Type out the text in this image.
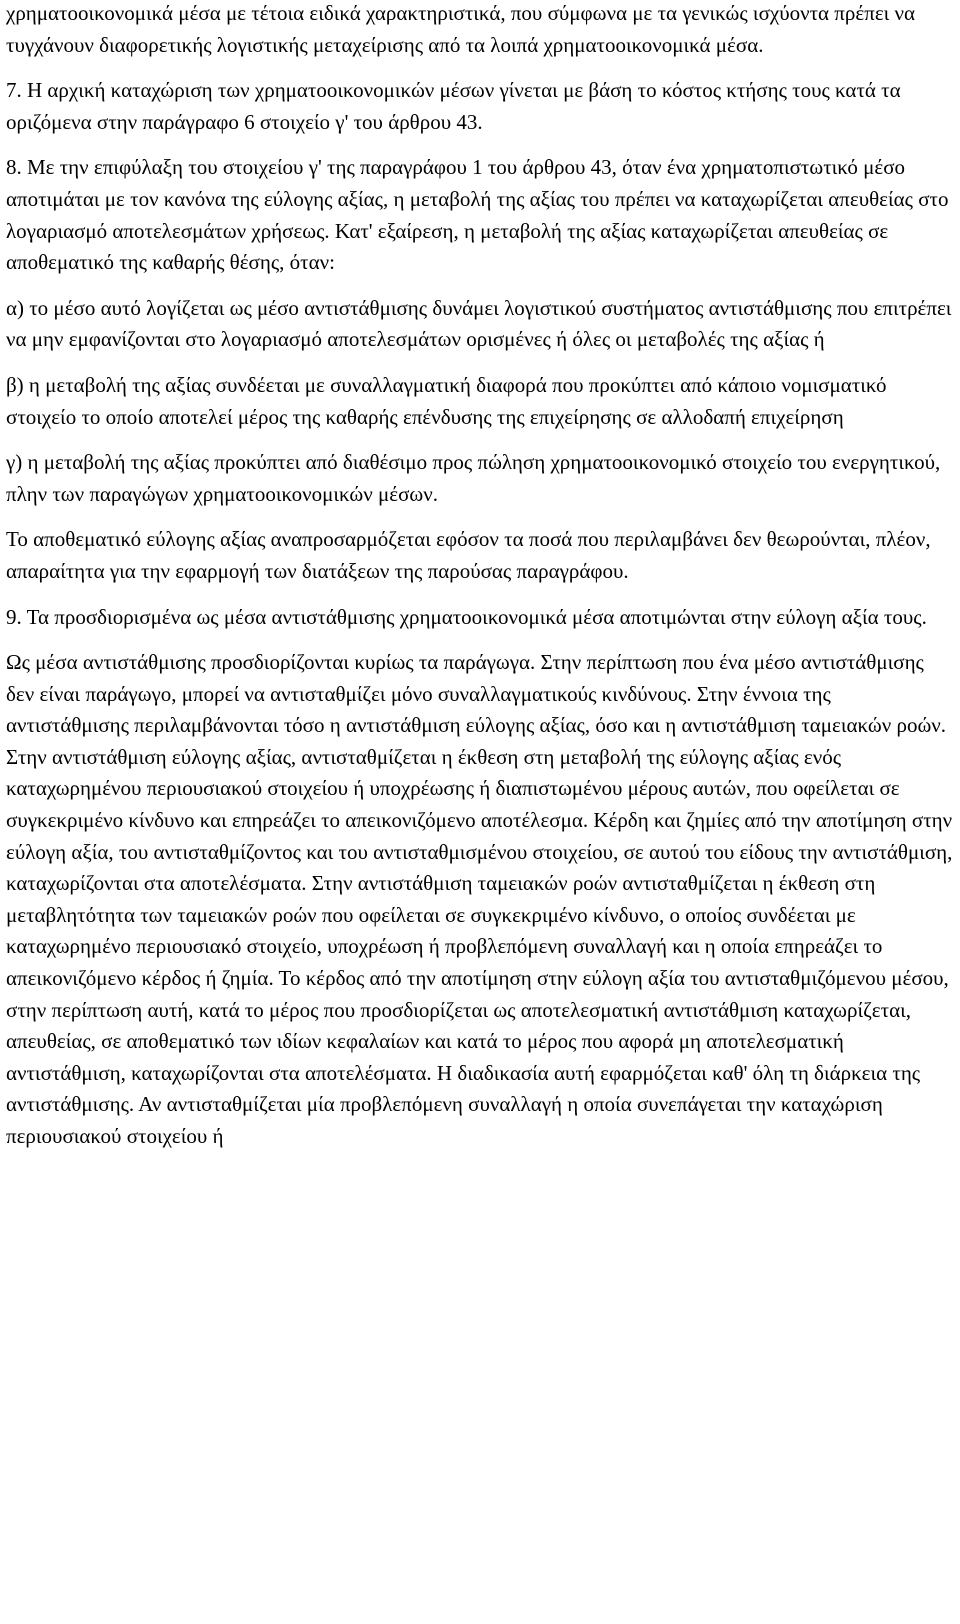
χρηματοοικονομικά μέσα με τέτοια ειδικά χαρακτηριστικά, που σύμφωνα με τα γενικώς ισχύοντα πρέπει να τυγχάνουν διαφορετικής λογιστικής μεταχείρισης από τα λοιπά χρηματοοικονομικά μέσα.

7. Η αρχική καταχώριση των χρηματοοικονομικών μέσων γίνεται με βάση το κόστος κτήσης τους κατά τα οριζόμενα στην παράγραφο 6 στοιχείο γ' του άρθρου 43.

8. Με την επιφύλαξη του στοιχείου γ' της παραγράφου 1 του άρθρου 43, όταν ένα χρηματοπιστωτικό μέσο αποτιμάται με τον κανόνα της εύλογης αξίας, η μεταβολή της αξίας του πρέπει να καταχωρίζεται απευθείας στο λογαριασμό αποτελεσμάτων χρήσεως. Κατ' εξαίρεση, η μεταβολή της αξίας καταχωρίζεται απευθείας σε αποθεματικό της καθαρής θέσης, όταν:

α) το μέσο αυτό λογίζεται ως μέσο αντιστάθμισης δυνάμει λογιστικού συστήματος αντιστάθμισης που επιτρέπει να μην εμφανίζονται στο λογαριασμό αποτελεσμάτων ορισμένες ή όλες οι μεταβολές της αξίας ή

β) η μεταβολή της αξίας συνδέεται με συναλλαγματική διαφορά που προκύπτει από κάποιο νομισματικό στοιχείο το οποίο αποτελεί μέρος της καθαρής επένδυσης της επιχείρησης σε αλλοδαπή επιχείρηση

γ) η μεταβολή της αξίας προκύπτει από διαθέσιμο προς πώληση χρηματοοικονομικό στοιχείο του ενεργητικού, πλην των παραγώγων χρηματοοικονομικών μέσων.

Το αποθεματικό εύλογης αξίας αναπροσαρμόζεται εφόσον τα ποσά που περιλαμβάνει δεν θεωρούνται, πλέον, απαραίτητα για την εφαρμογή των διατάξεων της παρούσας παραγράφου.

9. Τα προσδιορισμένα ως μέσα αντιστάθμισης χρηματοοικονομικά μέσα αποτιμώνται στην εύλογη αξία τους.

Ως μέσα αντιστάθμισης προσδιορίζονται κυρίως τα παράγωγα. Στην περίπτωση που ένα μέσο αντιστάθμισης δεν είναι παράγωγο, μπορεί να αντισταθμίζει μόνο συναλλαγματικούς κινδύνους. Στην έννοια της αντιστάθμισης περιλαμβάνονται τόσο η αντιστάθμιση εύλογης αξίας, όσο και η αντιστάθμιση ταμειακών ροών. Στην αντιστάθμιση εύλογης αξίας, αντισταθμίζεται η έκθεση στη μεταβολή της εύλογης αξίας ενός καταχωρημένου περιουσιακού στοιχείου ή υποχρέωσης ή διαπιστωμένου μέρους αυτών, που οφείλεται σε συγκεκριμένο κίνδυνο και επηρεάζει το απεικονιζόμενο αποτέλεσμα. Κέρδη και ζημίες από την αποτίμηση στην εύλογη αξία, του αντισταθμίζοντος και του αντισταθμισμένου στοιχείου, σε αυτού του είδους την αντιστάθμιση, καταχωρίζονται στα αποτελέσματα. Στην αντιστάθμιση ταμειακών ροών αντισταθμίζεται η έκθεση στη μεταβλητότητα των ταμειακών ροών που οφείλεται σε συγκεκριμένο κίνδυνο, ο οποίος συνδέεται με καταχωρημένο περιουσιακό στοιχείο, υποχρέωση ή προβλεπόμενη συναλλαγή και η οποία επηρεάζει το απεικονιζόμενο κέρδος ή ζημία. Το κέρδος από την αποτίμηση στην εύλογη αξία του αντισταθμιζόμενου μέσου, στην περίπτωση αυτή, κατά το μέρος που προσδιορίζεται ως αποτελεσματική αντιστάθμιση καταχωρίζεται, απευθείας, σε αποθεματικό των ιδίων κεφαλαίων και κατά το μέρος που αφορά μη αποτελεσματική αντιστάθμιση, καταχωρίζονται στα αποτελέσματα. Η διαδικασία αυτή εφαρμόζεται καθ' όλη τη διάρκεια της αντιστάθμισης. Αν αντισταθμίζεται μία προβλεπόμενη συναλλαγή η οποία συνεπάγεται την καταχώριση περιουσιακού στοιχείου ή
